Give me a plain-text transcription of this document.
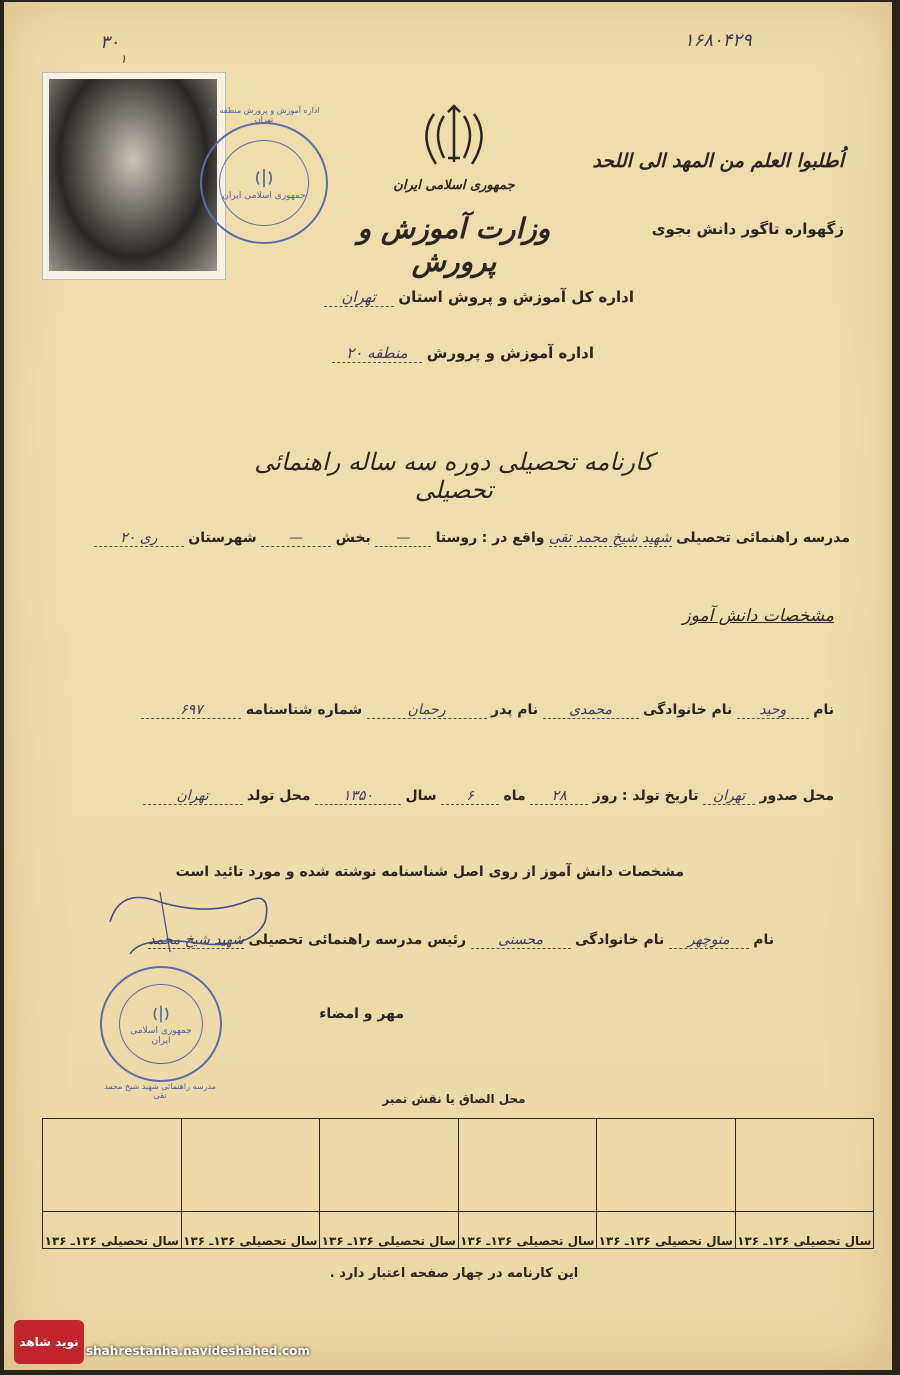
۱۶۸۰۴۲۹
۳۰
۱
جمهوری اسلامی ایران
اداره آموزش و پرورش منطقه ۲۰ تهران
جمهوری اسلامی ایران
وزارت آموزش و پرورش
اُطلبوا العلم من المهد الی اللحد
زگهواره تاگور دانش بجوی
اداره کل آموزش و پروش استان تهران
اداره آموزش و پرورش منطقه ۲۰
کارنامه تحصیلی دوره سه ساله راهنمائی تحصیلی
مدرسه راهنمائی تحصیلی شهید شیخ محمد تقی واقع در : روستا — بخش — شهرستان ری ۲۰
مشخصات دانش آموز
نام وحید نام خانوادگی محمدی نام پدر رحمان شماره شناسنامه ۶۹۷
محل صدور تهران تاریخ تولد : روز ۲۸ ماه ۶ سال ۱۳۵۰ محل تولد تهران
مشخصات دانش آموز از روی اصل شناسنامه نوشته شده و مورد تائید است
نام منوچهر نام خانوادگی محسنی رئیس مدرسه راهنمائی تحصیلی شهید شیخ محمد
جمهوری اسلامی ایران
مدرسه راهنمائی شهید شیخ محمد تقی
مهر و امضاء
محل الصاق یا نقش تمبر

سال تحصیلی ۱۳۶ـ ۱۳۶	سال تحصیلی ۱۳۶ـ ۱۳۶	سال تحصیلی ۱۳۶ـ ۱۳۶	سال تحصیلی ۱۳۶ـ ۱۳۶	سال تحصیلی ۱۳۶ـ ۱۳۶	سال تحصیلی ۱۳۶ـ ۱۳۶
این کارنامه در چهار صفحه اعتبار دارد .
نوید شاهد
shahrestanha.navideshahed.com
